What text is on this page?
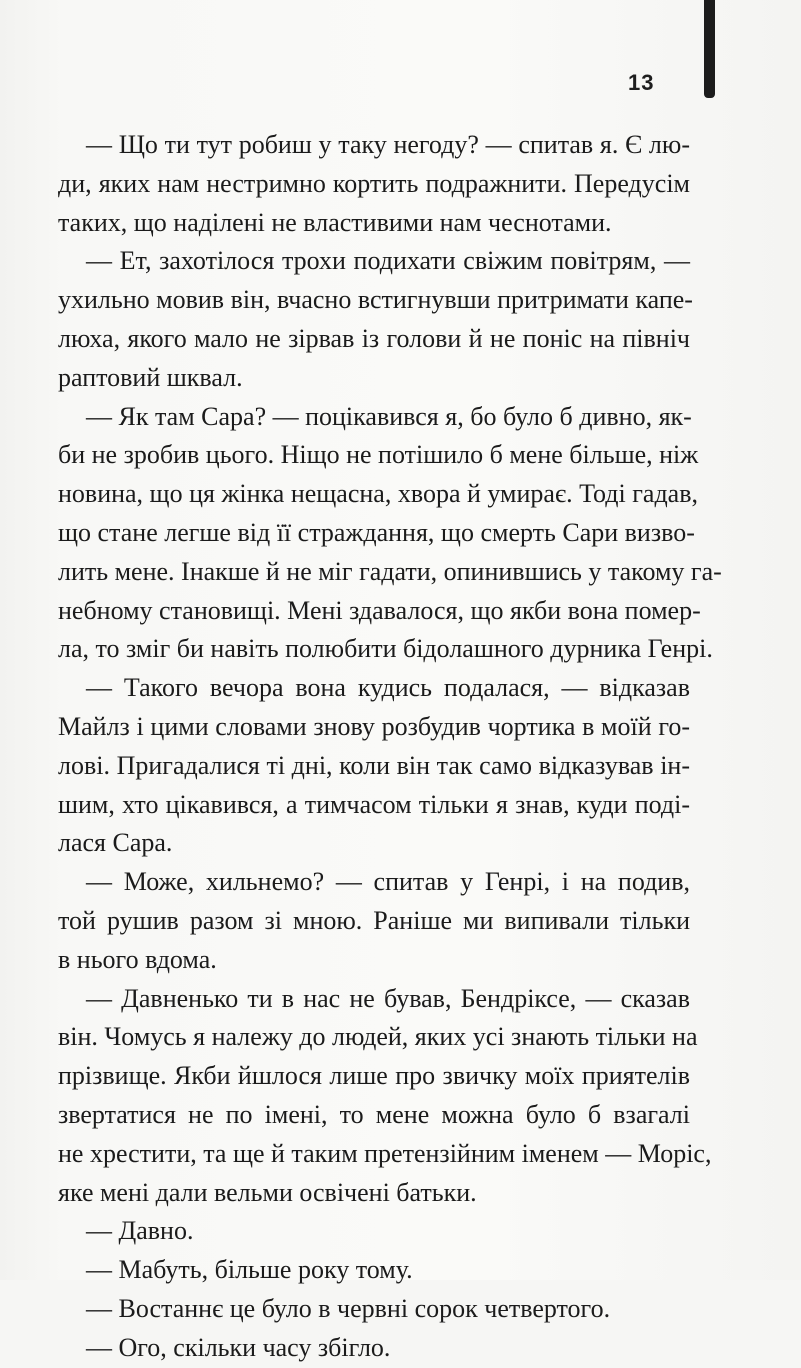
13
— Що ти тут робиш у таку негоду? — спитав я. Є лю-
ди, яких нам нестримно кортить подражнити. Передусім
таких, що наділені не властивими нам чеснотами.
— Ет, захотілося трохи подихати свіжим повітрям, —
ухильно мовив він, вчасно встигнувши притримати капе-
люха, якого мало не зірвав із голови й не поніс на північ
раптовий шквал.
— Як там Сара? — поцікавився я, бо було б дивно, як-
би не зробив цього. Ніщо не потішило б мене більше, ніж
новина, що ця жінка нещасна, хвора й умирає. Тоді гадав,
що стане легше від її страждання, що смерть Сари визво-
лить мене. Інакше й не міг гадати, опинившись у такому га-
небному становищі. Мені здавалося, що якби вона помер-
ла, то зміг би навіть полюбити бідолашного дурника Генрі.
— Такого вечора вона кудись подалася, — відказав
Майлз і цими словами знову розбудив чортика в моїй го-
лові. Пригадалися ті дні, коли він так само відказував ін-
шим, хто цікавився, а тимчасом тільки я знав, куди поді-
лася Сара.
— Може, хильнемо? — спитав у Генрі, і на подив,
той рушив разом зі мною. Раніше ми випивали тільки
в нього вдома.
— Давненько ти в нас не бував, Бендріксе, — сказав
він. Чомусь я належу до людей, яких усі знають тільки на
прізвище. Якби йшлося лише про звичку моїх приятелів
звертатися не по імені, то мене можна було б взагалі
не хрестити, та ще й таким претензійним іменем — Моріс,
яке мені дали вельми освічені батьки.
— Давно.
— Мабуть, більше року тому.
— Востаннє це було в червні сорок четвертого.
— Ого, скільки часу збігло.
